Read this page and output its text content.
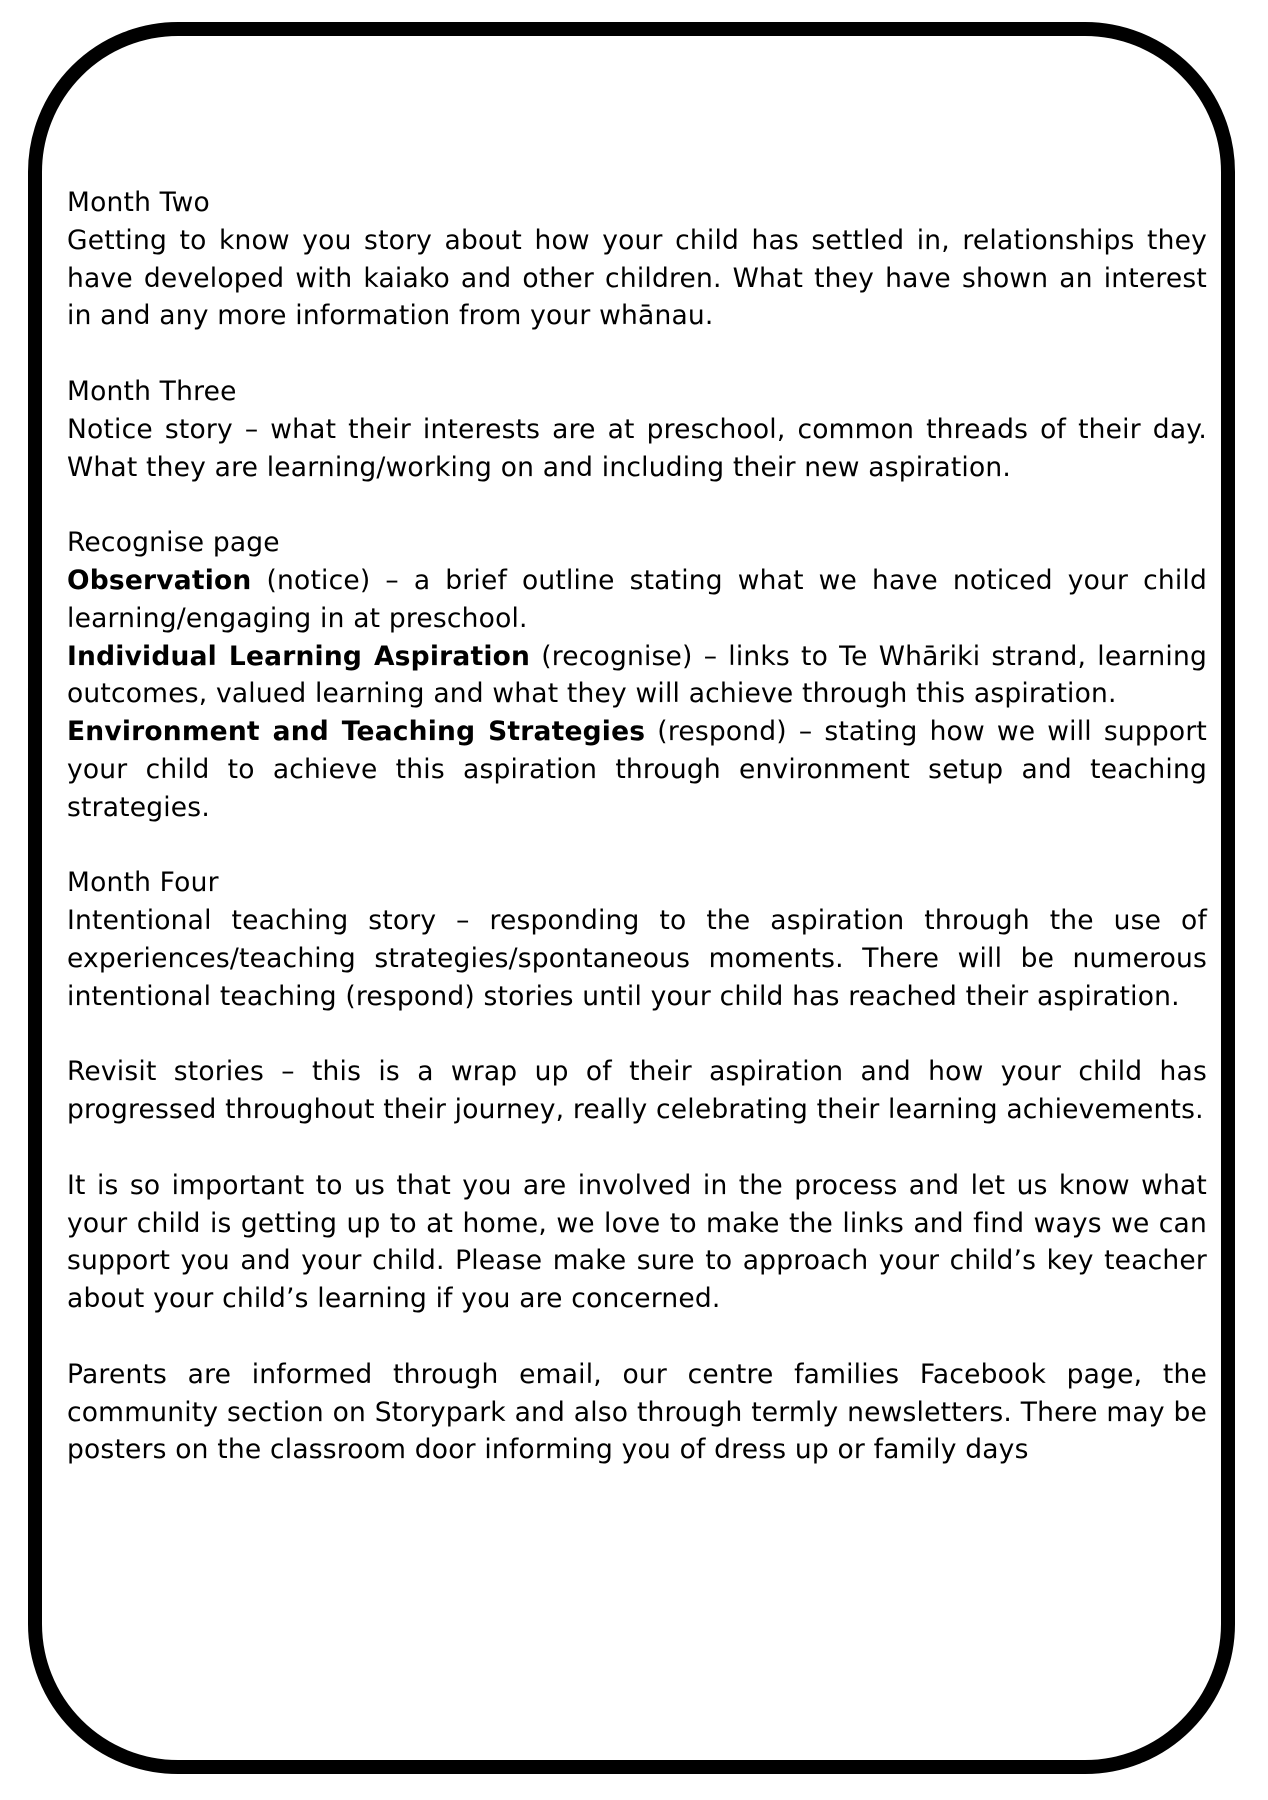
Month Two

Getting to know you story about how your child has settled in, relationships they have developed with kaiako and other children. What they have shown an interest in and any more information from your whānau.

Month Three

Notice story – what their interests are at preschool, common threads of their day. What they are learning/working on and including their new aspiration.

Recognise page

Observation (notice) – a brief outline stating what we have noticed your child learning/engaging in at preschool.

Individual Learning Aspiration (recognise) – links to Te Whāriki strand, learning outcomes, valued learning and what they will achieve through this aspiration.

Environment and Teaching Strategies (respond) – stating how we will support your child to achieve this aspiration through environment setup and teaching strategies.

Month Four

Intentional teaching story – responding to the aspiration through the use of experiences/teaching strategies/spontaneous moments. There will be numerous intentional teaching (respond) stories until your child has reached their aspiration.

Revisit stories – this is a wrap up of their aspiration and how your child has progressed throughout their journey, really celebrating their learning achievements.

It is so important to us that you are involved in the process and let us know what your child is getting up to at home, we love to make the links and find ways we can support you and your child. Please make sure to approach your child’s key teacher about your child’s learning if you are concerned.

Parents are informed through email, our centre families Facebook page, the community section on Storypark and also through termly newsletters. There may be posters on the classroom door informing you of dress up or family days
